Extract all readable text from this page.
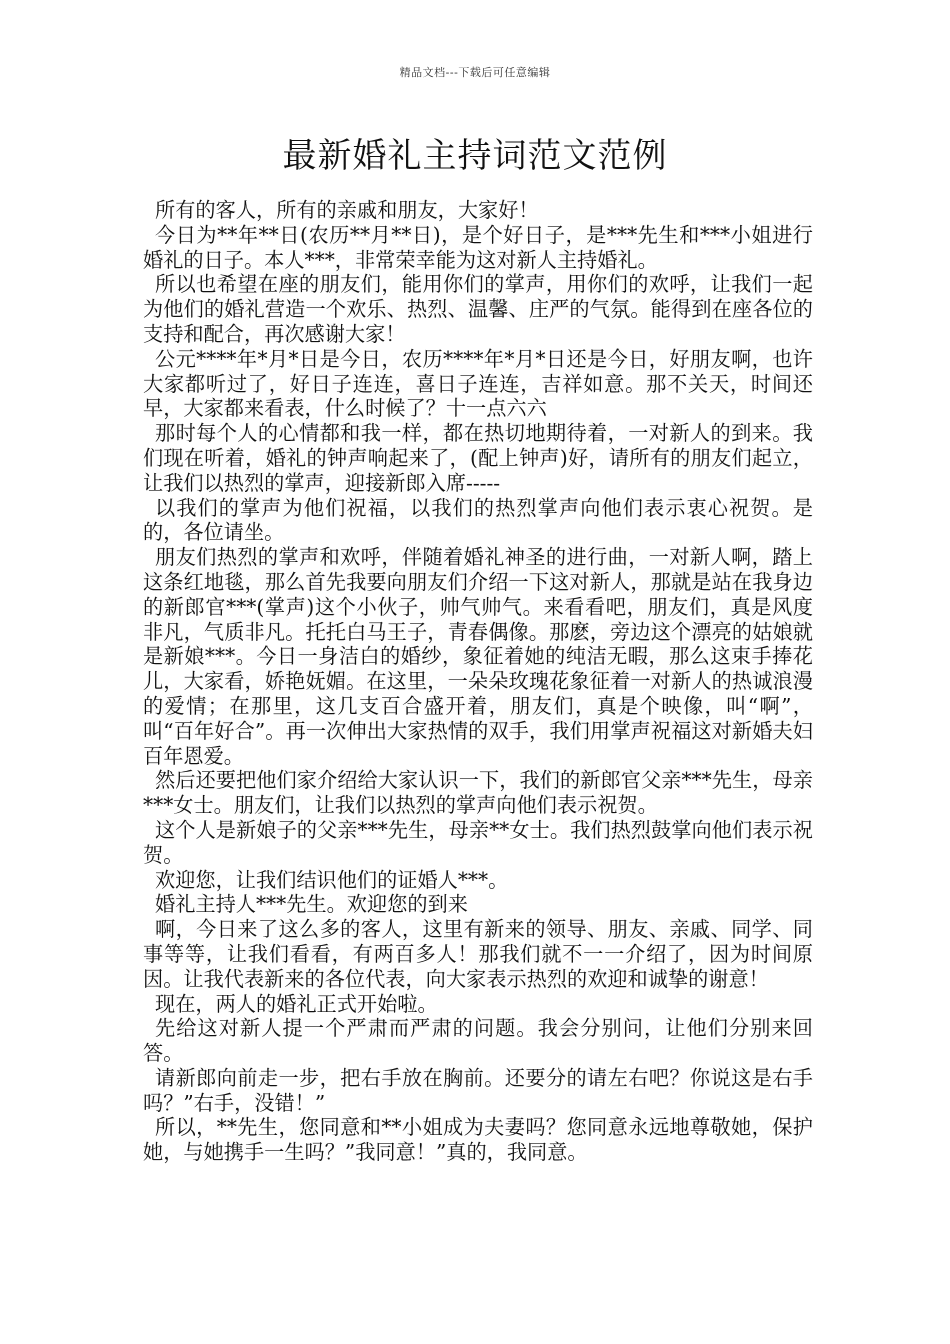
精品文档---下载后可任意编辑
最新婚礼主持词范文范例

所有的客人，所有的亲戚和朋友，大家好！

今日为**年**日(农历**月**日)，是个好日子，是***先生和***小姐进行婚礼的日子。本人***，非常荣幸能为这对新人主持婚礼。

所以也希望在座的朋友们，能用你们的掌声，用你们的欢呼，让我们一起为他们的婚礼营造一个欢乐、热烈、温馨、庄严的气氛。能得到在座各位的支持和配合，再次感谢大家！

公元****年*月*日是今日，农历****年*月*日还是今日，好朋友啊，也许大家都听过了，好日子连连，喜日子连连，吉祥如意。那不关天，时间还早，大家都来看表，什么时候了？十一点六六

那时每个人的心情都和我一样，都在热切地期待着，一对新人的到来。我们现在听着，婚礼的钟声响起来了，(配上钟声)好，请所有的朋友们起立，让我们以热烈的掌声，迎接新郎入席-----

以我们的掌声为他们祝福，以我们的热烈掌声向他们表示衷心祝贺。是的，各位请坐。

朋友们热烈的掌声和欢呼，伴随着婚礼神圣的进行曲，一对新人啊，踏上这条红地毯，那么首先我要向朋友们介绍一下这对新人，那就是站在我身边的新郎官***(掌声)这个小伙子，帅气帅气。来看看吧，朋友们，真是风度非凡，气质非凡。托托白马王子，青春偶像。那麽，旁边这个漂亮的姑娘就是新娘***。今日一身洁白的婚纱，象征着她的纯洁无暇，那么这束手捧花儿，大家看，娇艳妩媚。在这里，一朵朵玫瑰花象征着一对新人的热诚浪漫的爱情；在那里，这几支百合盛开着，朋友们，真是个映像，叫“啊”，叫“百年好合”。再一次伸出大家热情的双手，我们用掌声祝福这对新婚夫妇百年恩爱。

然后还要把他们家介绍给大家认识一下，我们的新郎官父亲***先生，母亲***女士。朋友们，让我们以热烈的掌声向他们表示祝贺。

这个人是新娘子的父亲***先生，母亲**女士。我们热烈鼓掌向他们表示祝贺。

欢迎您，让我们结识他们的证婚人***。

婚礼主持人***先生。欢迎您的到来

啊，今日来了这么多的客人，这里有新来的领导、朋友、亲戚、同学、同事等等，让我们看看，有两百多人！那我们就不一一介绍了，因为时间原因。让我代表新来的各位代表，向大家表示热烈的欢迎和诚挚的谢意！

现在，两人的婚礼正式开始啦。

先给这对新人提一个严肃而严肃的问题。我会分别问，让他们分别来回答。

请新郎向前走一步，把右手放在胸前。还要分的请左右吧？你说这是右手吗？”右手，没错！”

所以，**先生，您同意和**小姐成为夫妻吗？您同意永远地尊敬她，保护她，与她携手一生吗？”我同意！”真的，我同意。
